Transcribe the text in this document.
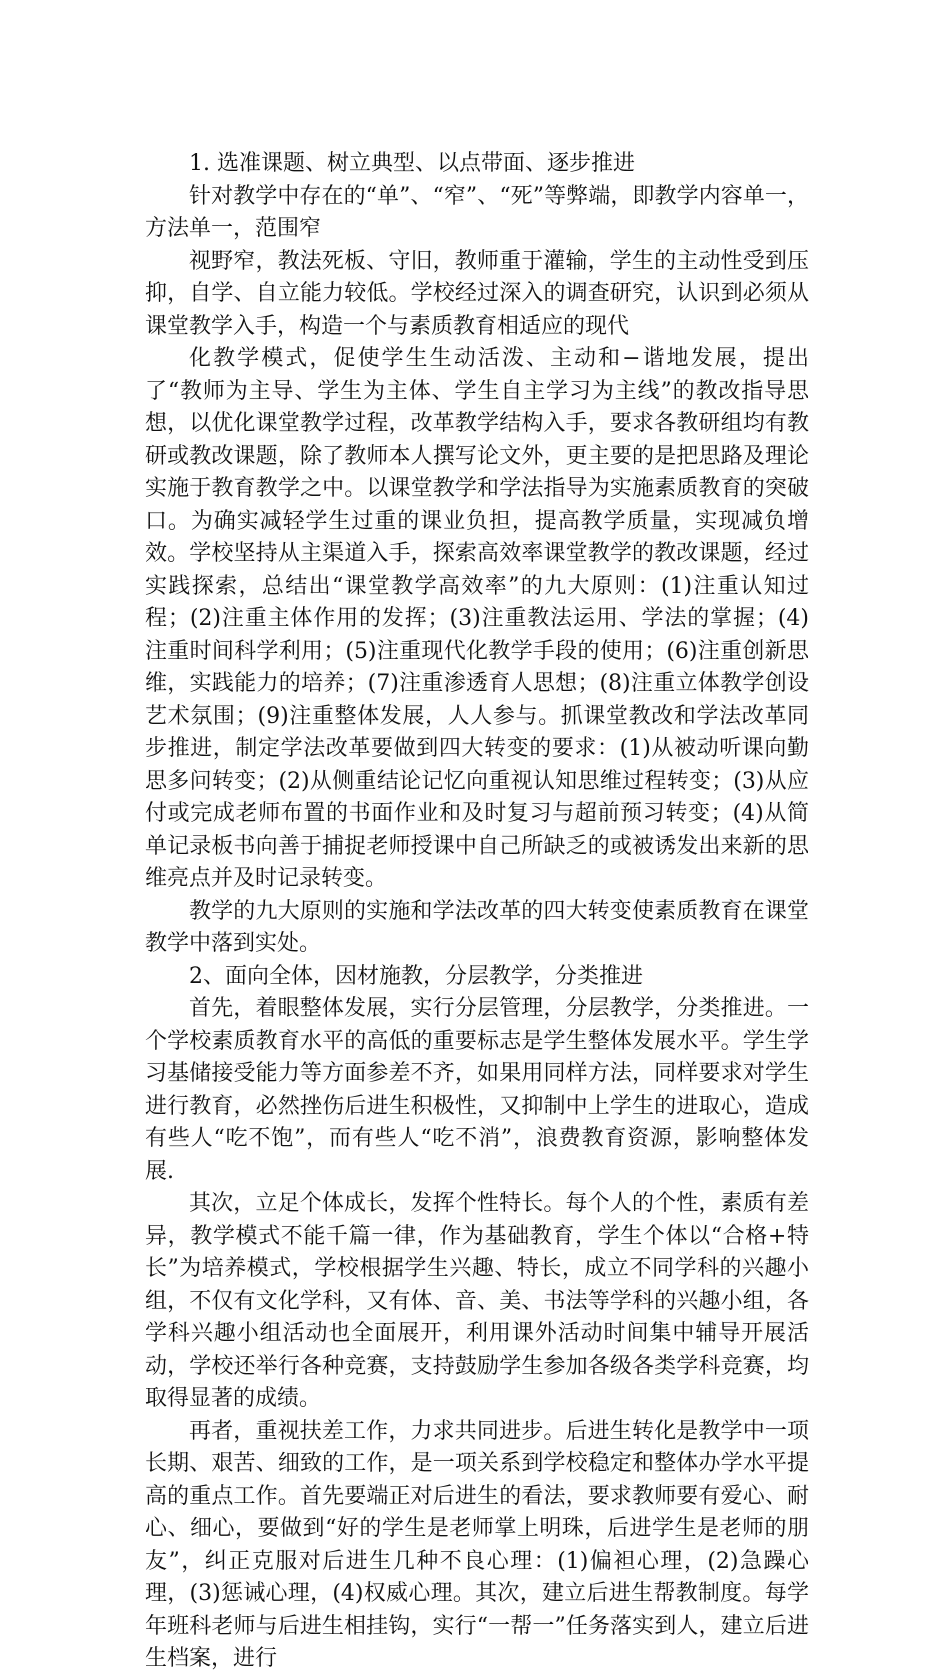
1. 选准课题、树立典型、以点带面、逐步推进

针对教学中存在的“单”、“窄”、“死”等弊端，即教学内容单一，方法单一，范围窄

视野窄，教法死板、守旧，教师重于灌输，学生的主动性受到压抑，自学、自立能力较低。学校经过深入的调查研究，认识到必须从课堂教学入手，构造一个与素质教育相适应的现代

化教学模式，促使学生生动活泼、主动和−谐地发展，提出了“教师为主导、学生为主体、学生自主学习为主线”的教改指导思想，以优化课堂教学过程，改革教学结构入手，要求各教研组均有教研或教改课题，除了教师本人撰写论文外，更主要的是把思路及理论实施于教育教学之中。以课堂教学和学法指导为实施素质教育的突破口。为确实减轻学生过重的课业负担，提高教学质量，实现减负增效。学校坚持从主渠道入手，探索高效率课堂教学的教改课题，经过实践探索，总结出“课堂教学高效率”的九大原则：(1)注重认知过程；(2)注重主体作用的发挥；(3)注重教法运用、学法的掌握；(4)注重时间科学利用；(5)注重现代化教学手段的使用；(6)注重创新思维，实践能力的培养；(7)注重渗透育人思想；(8)注重立体教学创设艺术氛围；(9)注重整体发展，人人参与。抓课堂教改和学法改革同步推进，制定学法改革要做到四大转变的要求：(1)从被动听课向勤思多问转变；(2)从侧重结论记忆向重视认知思维过程转变；(3)从应付或完成老师布置的书面作业和及时复习与超前预习转变；(4)从简单记录板书向善于捕捉老师授课中自己所缺乏的或被诱发出来新的思维亮点并及时记录转变。

教学的九大原则的实施和学法改革的四大转变使素质教育在课堂教学中落到实处。

2、面向全体，因材施教，分层教学，分类推进

首先，着眼整体发展，实行分层管理，分层教学，分类推进。一个学校素质教育水平的高低的重要标志是学生整体发展水平。学生学习基储接受能力等方面参差不齐，如果用同样方法，同样要求对学生进行教育，必然挫伤后进生积极性，又抑制中上学生的进取心，造成有些人“吃不饱”，而有些人“吃不消”，浪费教育资源，影响整体发展.

其次，立足个体成长，发挥个性特长。每个人的个性，素质有差异，教学模式不能千篇一律，作为基础教育，学生个体以“合格+特长”为培养模式，学校根据学生兴趣、特长，成立不同学科的兴趣小组，不仅有文化学科，又有体、音、美、书法等学科的兴趣小组，各学科兴趣小组活动也全面展开，利用课外活动时间集中辅导开展活动，学校还举行各种竞赛，支持鼓励学生参加各级各类学科竞赛，均取得显著的成绩。

再者，重视扶差工作，力求共同进步。后进生转化是教学中一项长期、艰苦、细致的工作，是一项关系到学校稳定和整体办学水平提高的重点工作。首先要端正对后进生的看法，要求教师要有爱心、耐心、细心，要做到“好的学生是老师掌上明珠，后进学生是老师的朋友”，纠正克服对后进生几种不良心理：(1)偏袒心理，(2)急躁心理，(3)惩诫心理，(4)权威心理。其次，建立后进生帮教制度。每学年班科老师与后进生相挂钩，实行“一帮一”任务落实到人，建立后进生档案，进行
